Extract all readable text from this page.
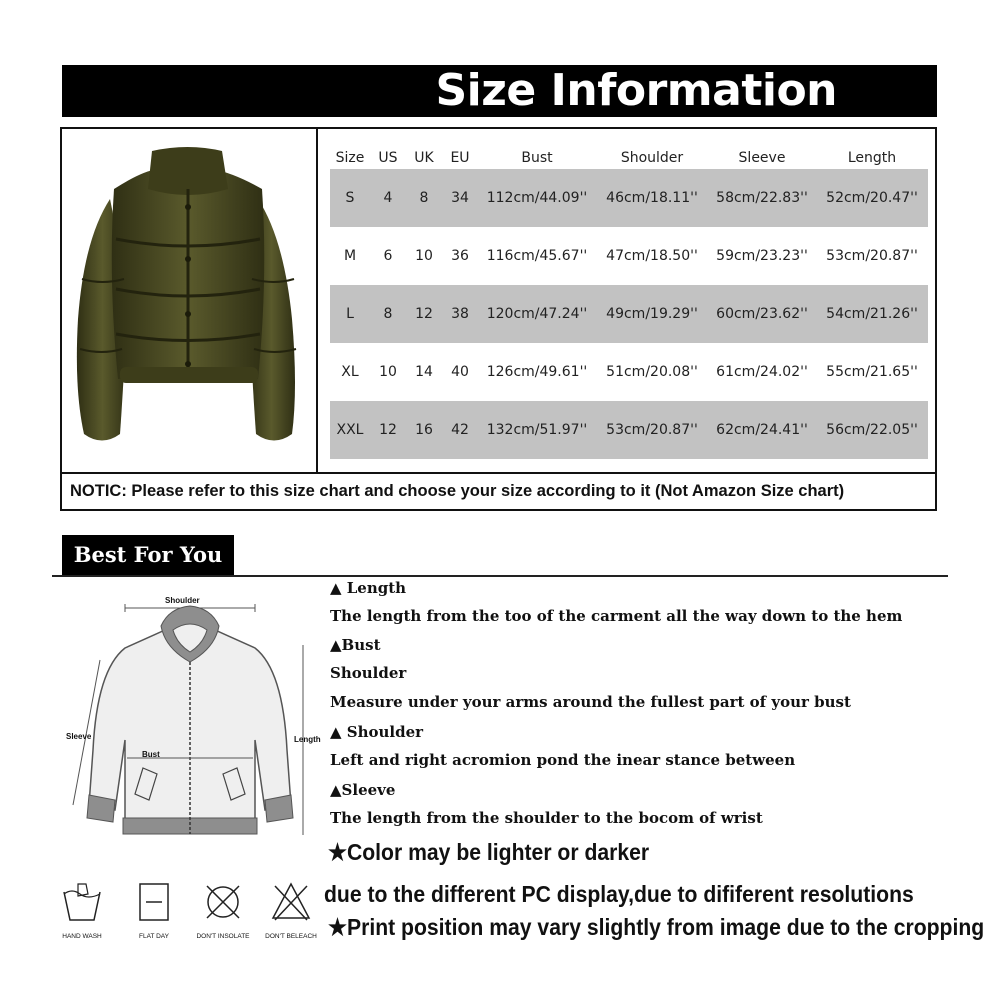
Size Information
Size	US	UK	EU	Bust	Shoulder	Sleeve	Length
S	4	8	34	112cm/44.09''	46cm/18.11''	58cm/22.83''	52cm/20.47''
M	6	10	36	116cm/45.67''	47cm/18.50''	59cm/23.23''	53cm/20.87''
L	8	12	38	120cm/47.24''	49cm/19.29''	60cm/23.62''	54cm/21.26''
XL	10	14	40	126cm/49.61''	51cm/20.08''	61cm/24.02''	55cm/21.65''
XXL	12	16	42	132cm/51.97''	53cm/20.87''	62cm/24.41''	56cm/22.05''
NOTIC: Please refer to this size chart and choose your size according to it (Not Amazon Size chart)
Best For You
Shoulder
Sleeve
Bust
Length
▲ Length
The length from the too of the carment all the way down to the hem
▲Bust
Shoulder
Measure under your arms around the fullest part of your bust
▲ Shoulder
Left and right acromion pond the inear stance between
▲Sleeve
The length from the shoulder to the bocom of wrist
★Color may be lighter or darker
due to the different PC display,due to dififerent resolutions
★Print position may vary slightly from image due to the cropping
HAND WASH	FLAT DAY	DON'T INSOLATE	DON'T BELEACH
